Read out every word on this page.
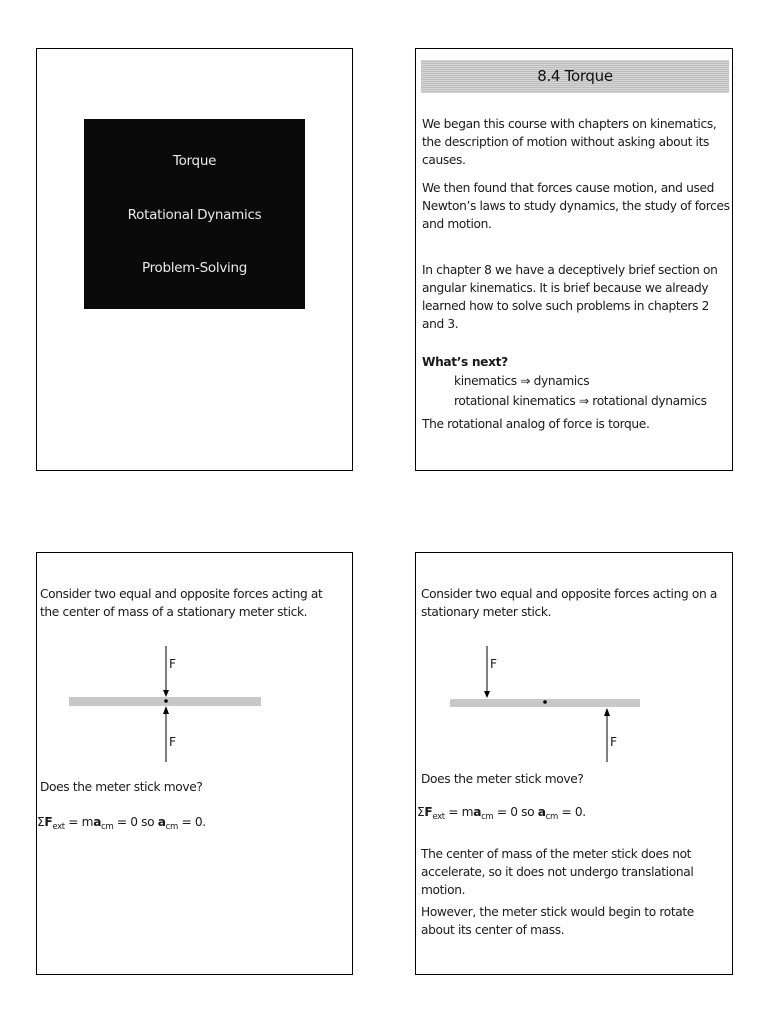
Torque
Rotational Dynamics
Problem-Solving
8.4 Torque
We began this course with chapters on kinematics, the description of motion without asking about its causes.
We then found that forces cause motion, and used Newton’s laws to study dynamics, the study of forces and motion.
In chapter 8 we have a deceptively brief section on angular kinematics. It is brief because we already learned how to solve such problems in chapters 2 and 3.
What’s next?
kinematics ⇒ dynamics
rotational kinematics ⇒ rotational dynamics
The rotational analog of force is torque.
Consider two equal and opposite forces acting at the center of mass of a stationary meter stick.
F
F
Does the meter stick move?
$\Sigma F_{ext} = ma_{cm} = 0$ so $a_{cm} = 0$.
Consider two equal and opposite forces acting on a stationary meter stick.
F
F
Does the meter stick move?
$\Sigma F_{ext} = ma_{cm} = 0$ so $a_{cm} = 0$.
The center of mass of the meter stick does not accelerate, so it does not undergo translational motion.
However, the meter stick would begin to rotate about its center of mass.
